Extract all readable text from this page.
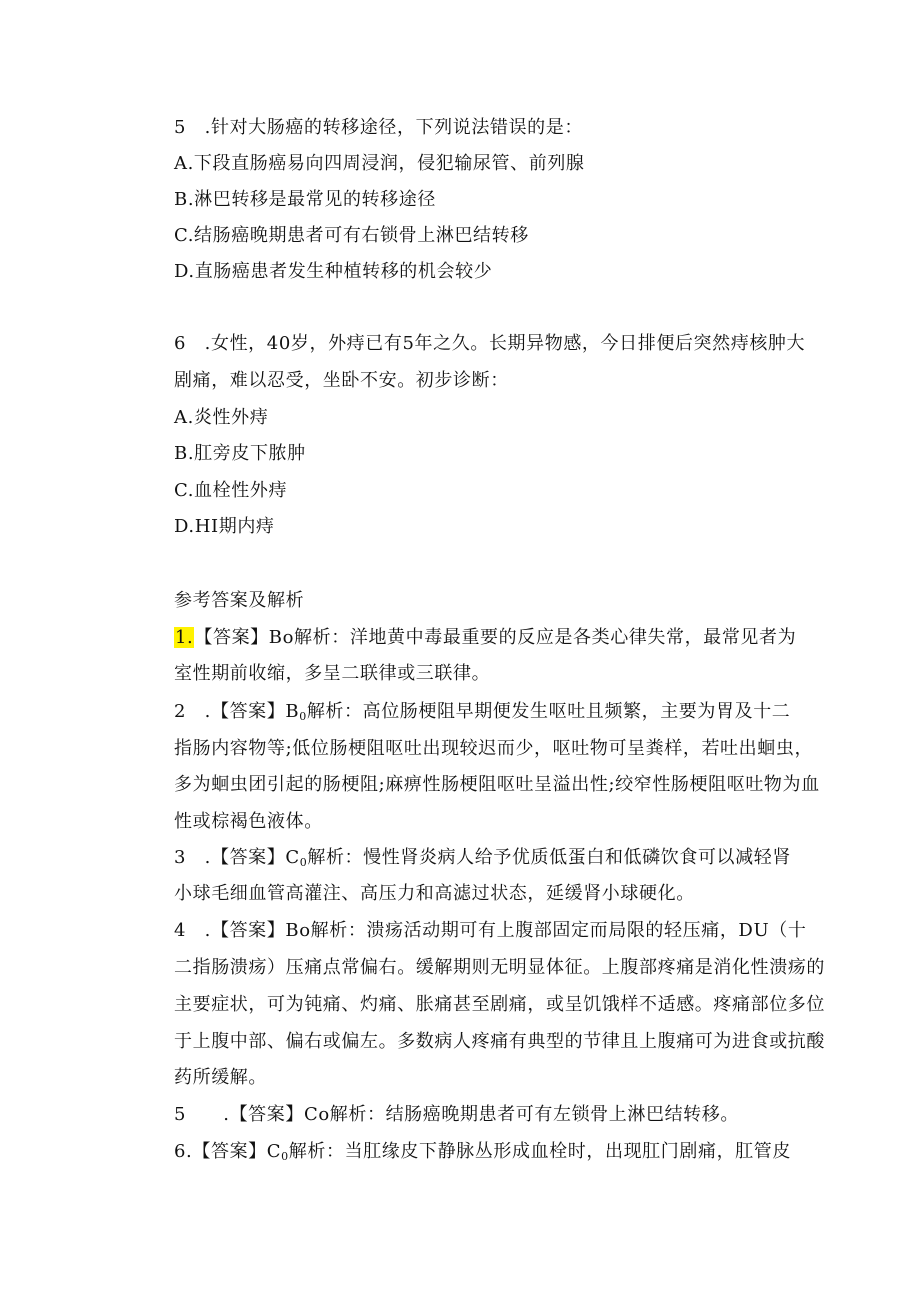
5 .针对大肠癌的转移途径，下列说法错误的是：
A.下段直肠癌易向四周浸润，侵犯输尿管、前列腺
B.淋巴转移是最常见的转移途径
C.结肠癌晚期患者可有右锁骨上淋巴结转移
D.直肠癌患者发生种植转移的机会较少
6 .女性，40岁，外痔已有5年之久。长期异物感，今日排便后突然痔核肿大
剧痛，难以忍受，坐卧不安。初步诊断：
A.炎性外痔
B.肛旁皮下脓肿
C.血栓性外痔
D.HI期内痔
参考答案及解析
1.【答案】Bo解析：洋地黄中毒最重要的反应是各类心律失常，最常见者为
室性期前收缩，多呈二联律或三联律。
2 .【答案】$B_0$解析：高位肠梗阻早期便发生呕吐且频繁，主要为胃及十二
指肠内容物等;低位肠梗阻呕吐出现较迟而少，呕吐物可呈粪样，若吐出蛔虫，
多为蛔虫团引起的肠梗阻;麻痹性肠梗阻呕吐呈溢出性;绞窄性肠梗阻呕吐物为血
性或棕褐色液体。
3 .【答案】$C_0$解析：慢性肾炎病人给予优质低蛋白和低磷饮食可以减轻肾
小球毛细血管高灌注、高压力和高滤过状态，延缓肾小球硬化。
4 .【答案】Bo解析：溃疡活动期可有上腹部固定而局限的轻压痛，DU（十
二指肠溃疡）压痛点常偏右。缓解期则无明显体征。上腹部疼痛是消化性溃疡的
主要症状，可为钝痛、灼痛、胀痛甚至剧痛，或呈饥饿样不适感。疼痛部位多位
于上腹中部、偏右或偏左。多数病人疼痛有典型的节律且上腹痛可为进食或抗酸
药所缓解。
5  .【答案】Co解析：结肠癌晚期患者可有左锁骨上淋巴结转移。
6.【答案】$C_0$解析：当肛缘皮下静脉丛形成血栓时，出现肛门剧痛，肛管皮
